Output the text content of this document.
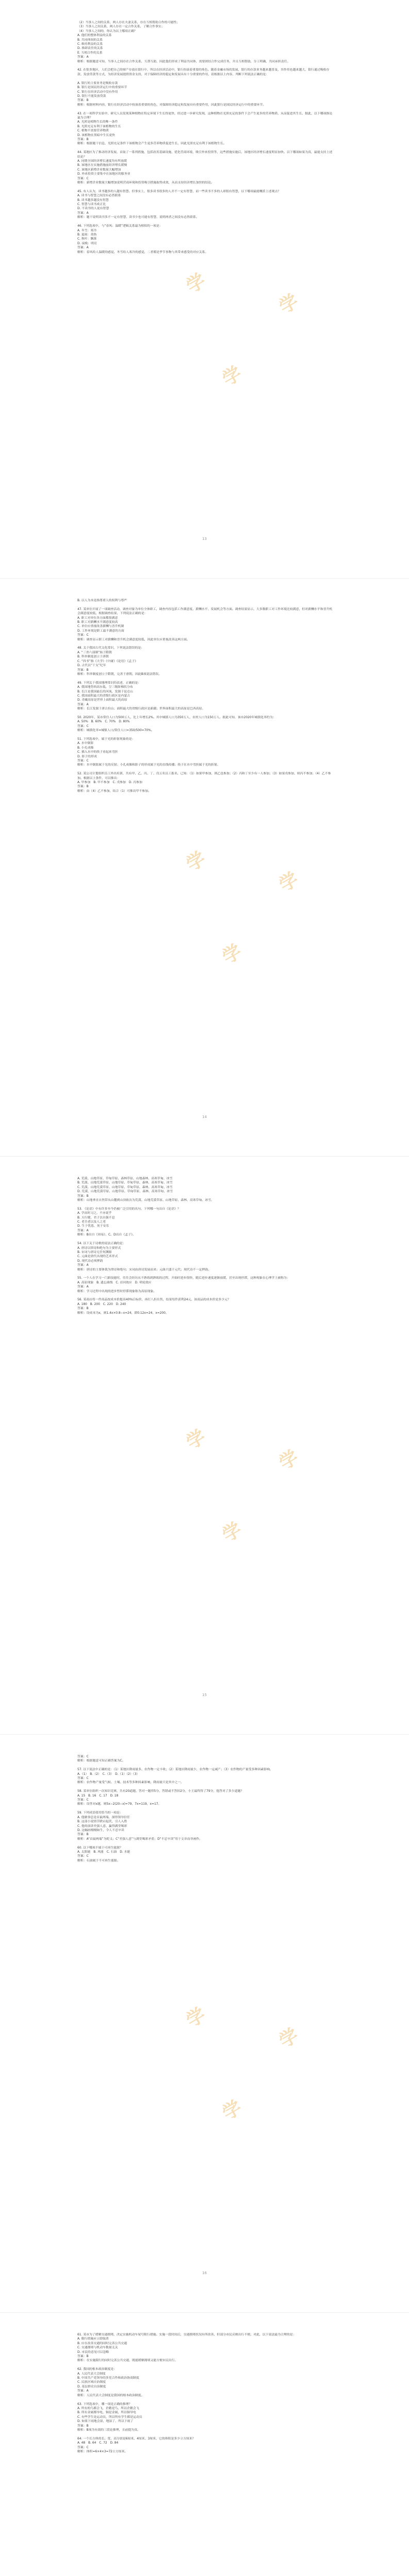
（2）当事人之间的关系，两人存在夫妻关系，存在互相帮助合作的可能性；

（3）当事人之间关系，两人存在一定合作关系，了解合作事实；

（4）当事人之间的，你认为以上哪项正确？

A. 他们的整体利益的关系

B. 共同体间的关系

C. 维持利益的关系

D. 推卸责任的关系

E. 互相合作的关系

答案：A

解析：根据题意可知，当事人之间存在合作关系，互帮互助，因此他们形成了利益共同体，需要团结合作完成任务，并且互相帮助，分工明确，共同承担责任。

42. 在很多地区，人们会把自己的财产存放在银行中，所以在经济活动中，银行扮演着重要的角色。随着金融市场的发展，银行的存款业务越来越普及，其作用也越来越大，银行通过吸收存款、发放贷款等方式，为经济发展提供资金支持，对于保障经济的稳定和发展具有十分重要的作用，请根据以上内容，判断下列说法正确的是：

A. 银行的主要业务是吸收存款

B. 银行是国民经济运行中的重要环节

C. 银行在经济活动中没有作用

D. 银行不能发放贷款

答案：B

解析：根据材料内容，银行在经济活动中扮演着重要的角色，对保障经济稳定和发展具有重要作用，因此银行是国民经济运行中的重要环节。

43. 在一项科学实验中，研究人员发现某种植物在特定环境下生长得更快，经过进一步研究发现，这种植物在光照充足的条件下会产生更多的营养物质，从而促进其生长，据此，以下哪项推论最为合理？

A. 光照是植物生长的唯一条件

B. 光照充足有利于该植物的生长

C. 植物不需要营养物质

D. 该植物在黑暗中生长更快

答案：B

解析：根据题干信息，光照充足条件下该植物会产生更多营养物质促进生长，因此光照充足有利于该植物生长。

44. 某地区为了推动经济发展，采取了一系列措施，包括改善基础设施、优化营商环境、吸引外来投资等，这些措施实施后，该地区经济增长速度明显加快。以下哪项如果为真，最能支持上述结论？

A. 同期全国经济增长速度均有所放缓

B. 该地区在实施措施前经济增长缓慢

C. 该地区新增企业数量大幅增加

D. 外来投资主要集中在该地区的服务业

答案：C

解析：新增企业数量大幅增加说明营商环境和投资吸引措施取得成效，从而支持经济增长加快的结论。

45. 有人认为，读书越多的人越有智慧。但事实上，很多读书很多的人并不一定有智慧，而一些读书不多的人却很有智慧，以下哪项最能概括上述观点？

A. 读书与智慧之间没有必然联系

B. 读书越多越没有智慧

C. 智慧与读书成正比

D. 不读书的人更有智慧

答案：A

解析：题干说明读书多不一定有智慧，读书少也可能有智慧，说明两者之间没有必然联系。

46. 下列选项中，与“春风：温暖”逻辑关系最为相似的一项是：

A. 冬雪：寒冷

B. 夏雨：炎热

C. 秋叶：飘落

D. 夜晚：明亮

答案：A

解析：春风给人温暖的感觉，冬雪给人寒冷的感觉，二者都是季节事物与其带来感受的对应关系。

学
学
学
13

B. 以人为本是指尊重人的权利与尊严

47. 某单位开展了一项调查活动，调查对象为单位全体职工，调查内容包括工作满意度、薪酬水平、发展机会等方面。调查结果显示，大多数职工对工作环境比较满意，但对薪酬水平和晋升机会满意度较低，根据调查结果，下列说法正确的是：

A. 职工对单位各方面都很满意

B. 职工对薪酬水平满意度较高

C. 单位应重视改善薪酬与晋升机制

D. 工作环境是职工最不满意的方面

答案：C

解析：调查显示职工对薪酬和晋升机会满意度较低，因此单位应重视改善这两方面。

48. 关于我国古代文化常识，下列说法错误的是：

A. “三省六部制”始于隋朝

B. 科举制度创立于唐朝

C. “四书”指《大学》《中庸》《论语》《孟子》

D. 古代以“干支”纪年

答案：B

解析：科举制度创立于隋朝，完善于唐朝，因此B项说法错误。

49. 下列关于我国地理常识的表述，正确的是：

A. 我国地势西高东低，呈三级阶梯状分布

B. 长江是我国最长的河流，发源于昆仑山

C. 我国面积最大的省级行政区是内蒙古

D. 青藏高原是世界上面积最大的高原

答案：A

解析：长江发源于唐古拉山；面积最大的省级行政区是新疆；世界面积最大的高原是巴西高原。

50. 2020年，某市常住人口为500万人，比上年增长2%。其中城镇人口为350万人，农村人口为150万人。据此可知，该市2020年城镇化率约为：

A. 50%　B. 60%　C. 70%　D. 80%

答案：C

解析：城镇化率=城镇人口/常住人口=350/500=70%。

51. 下列选项中，属于光的折射现象的是：

A. 水中倒影

B. 小孔成像

C. 插入水中的筷子看起来弯折

D. 影子的形成

答案：C

解析：水中倒影属于光的反射；小孔成像和影子的形成属于光的直线传播；筷子在水中弯折属于光的折射。

52. 某公司计划组织员工外出培训，共有甲、乙、丙、丁、戊五名员工报名，已知：（1）如果甲参加，则乙也参加；（2）丙和丁至少有一人参加；（3）如果戊参加，则丙不参加；（4）乙不参加。根据以上条件，可以推出：

A. 甲参加　B. 甲不参加　C. 戊参加　D. 丙参加

答案：B

解析：由（4）乙不参加，结合（1）可推出甲不参加。

学
学
学
14

A. 荒漠、山地草原、草甸草原、森林草原、山地森林、高寒草甸、冰雪

B. 荒漠、山地荒漠草原、山地草原、草甸草原、森林、高寒草甸、冰雪

C. 荒漠、山地荒漠草原、山地草原、草甸草原、森林、高寒草甸、冰雪

D. 荒漠、山地荒漠草原、山地草原、草甸草原、森林、高寒草甸、冰雪

答案：B

解析：山地垂直自然带从山麓到山顶依次为荒漠、山地荒漠草原、山地草原、森林、高寒草甸、冰雪。

53. 《论语》中有许多至今仍被广泛引用的名句，下列哪一句出自《论语》？

A. 学而时习之，不亦说乎

B. 天行健，君子以自强不息

C. 老吾老以及人之老

D. 生于忧患，死于安乐

答案：A

解析：B出自《周易》，C、D出自《孟子》。

54. 以下关于诗歌的说法正确的是：

A. 唐诗以律诗和绝句为主要形式

B. 宋词与唐诗无任何渊源

C. 元曲是唐代出现的艺术形式

D. 现代诗必须押韵

答案：A

解析：唐诗的主要体裁为律诗和绝句；宋词由唐诗发展而来；元曲兴盛于元代；现代诗不一定押韵。

55. 一个人在学习一门新技能时，往往会经历从不熟练到熟练的过程，开始时进步很快，随后进步速度逐渐放缓，甚至出现停滞，这种现象在心理学上被称为：

A. 高原现象　B. 遗忘曲线　C. 首因效应　D. 晕轮效应

答案：A

解析：学习过程中出现的进步暂时停滞现象称为高原现象。

56. 某商店将一件商品按成本价提高40%后标价，再打八折出售，结果每件获利24元，该商品的成本价是多少元？

A. 180　B. 200　C. 220　D. 240

答案：B

解析：设成本为x，则1.4x×0.8−x=24，即0.12x=24，x=200。

学
学
学
15

答案：C

解析：根据题意可知正确答案为C。

57. 以下说法中正确的是：（1）某地区降雨量多，农作物一定丰收；（2）某地区降雨量少，农作物一定减产；（3）农作物的产量受多种因素影响。

A.（1）　B.（2）　C.（3）　D.（1）（2）（3）

答案：C

解析：农作物产量受气候、土壤、技术等多种因素影响，降雨量只是其中之一。

58. 某单位组织一次知识竞赛，共有20道题，答对一题得5分，答错或不答扣2分，小王最终得了79分，他答对了多少道题？

A. 15　B. 16　C. 17　D. 18

答案：C

解析：设答对x题，则5x−2(20−x)=79，7x=119，x=17。

59. 下列成语使用恰当的一项是：

A. 他做事总是首鼠两端，深得领导信任

B. 这部小说情节跌宕起伏，引人入胜

C. 他的演讲差强人意，赢得满堂喝彩

D. 这幅画栩栩如生，令人不忍卒读

答案：B

解析：A“首鼠两端”为贬义；C“差强人意”与满堂喝彩矛盾；D“不忍卒读”用于文章而非画作。

60. 以下哪项不属于可再生能源？

A. 太阳能　B. 风能　C. 石油　D. 水能

答案：C

解析：石油属于不可再生能源。

学
学
学
16

61. 某市为了缓解交通拥堵，决定实施机动车尾号限行措施。实施一段时间后，交通拥堵状况有所改善，但部分市民反映出行不便。对此，以下说法最为合理的是：

A. 限行措施应立即取消

B. 应在改善交通的同时完善公共交通

C. 交通拥堵与机动车数量无关

D. 市民的意见可以忽略

答案：B

解析：在实施限行的同时完善公共交通，既能缓解拥堵又能方便市民出行。

62. 我国的根本政治制度是：

A. 人民代表大会制度

B. 中国共产党领导的多党合作和政治协商制度

C. 民族区域自治制度

D. 基层群众自治制度

答案：A

解析：人民代表大会制度是我国的根本政治制度。

63. 下列选项中，哪一项是正确的推理？

A. 所有的鸟都会飞，企鹅是鸟，所以企鹅会飞

B. 所有金属都导电，铜是金属，所以铜导电

C. 有些学生是运动员，所以所有学生都是运动员

D. 如果下雨地会湿，地湿了，所以下雨了

答案：B

解析：B项为有效的三段论推理，且前提为真。

64. 一个长方体的长、宽、高分别是6厘米、4厘米、3厘米，它的体积是多少立方厘米？

A. 48　B. 64　C. 72　D. 84

答案：C

解析：体积=6×4×3=72立方厘米。
